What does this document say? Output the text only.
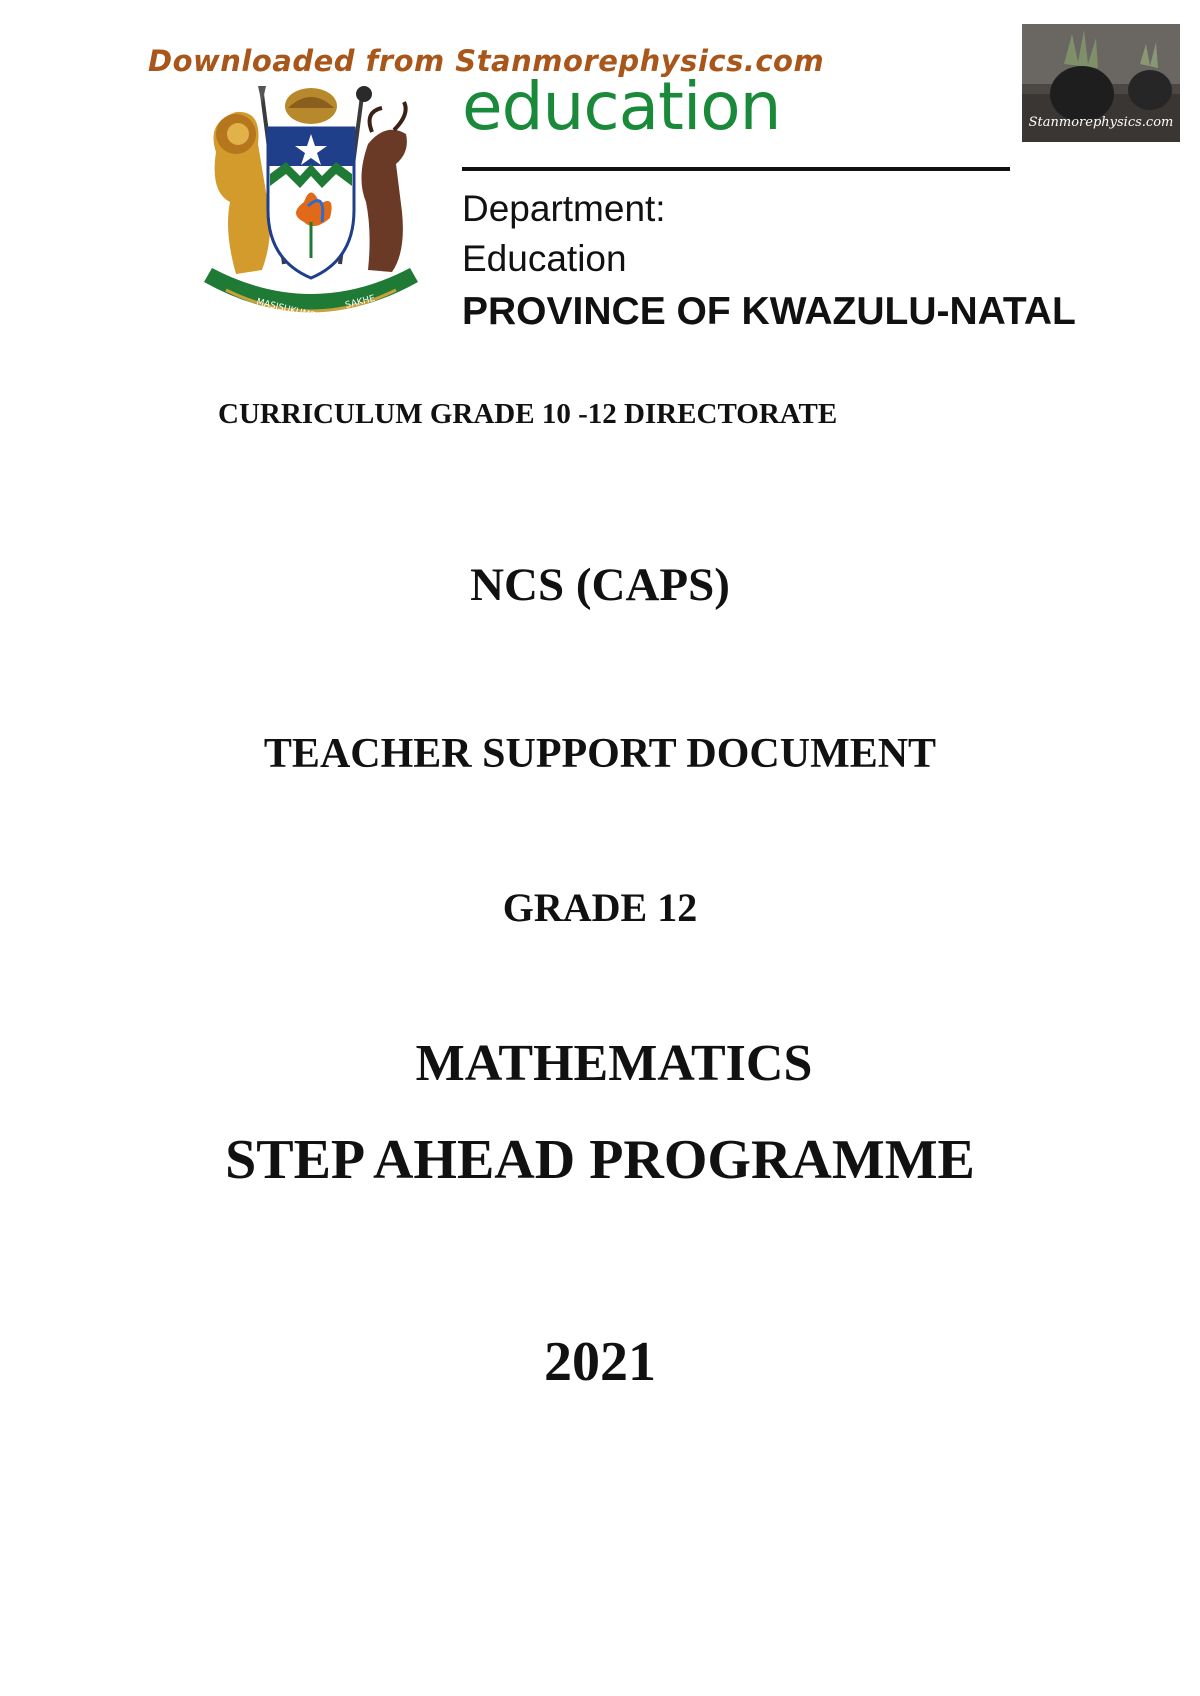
Downloaded from Stanmorephysics.com
MASISUKUME	SAKHE
education
Department:
Education
PROVINCE OF KWAZULU-NATAL
Stanmorephysics.com
CURRICULUM GRADE 10 -12 DIRECTORATE
NCS (CAPS)
TEACHER SUPPORT DOCUMENT
GRADE 12
MATHEMATICS
STEP AHEAD PROGRAMME
2021
